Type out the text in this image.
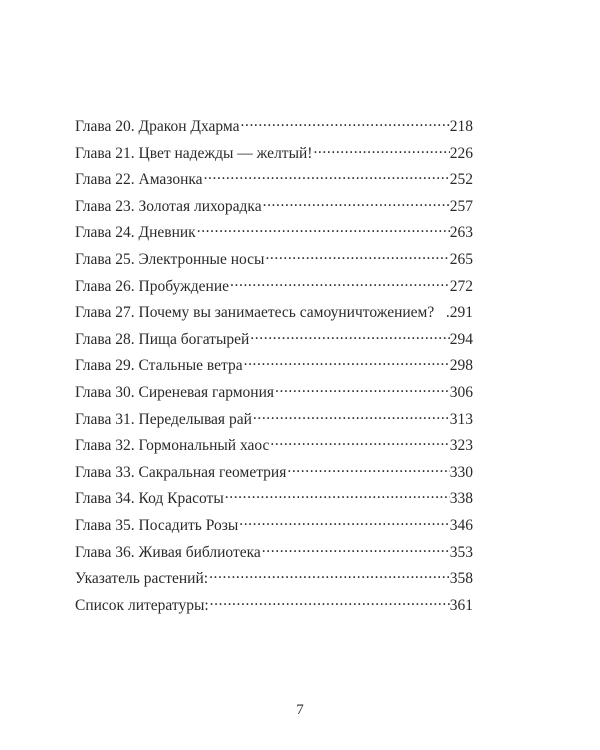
Глава 20. Дракон Дхарма .....	218
Глава 21. Цвет надежды — желтый! .....	226
Глава 22. Амазонка .....	252
Глава 23. Золотая лихорадка .....	257
Глава 24. Дневник .....	263
Глава 25. Электронные носы .....	265
Глава 26. Пробуждение .....	272
Глава 27. Почему вы занимаетесь самоуничтожением? .291
Глава 28. Пища богатырей .....	294
Глава 29. Стальные ветра .....	298
Глава 30. Сиреневая гармония .....	306
Глава 31. Переделывая рай .....	313
Глава 32. Гормональный хаос .....	323
Глава 33. Сакральная геометрия .....	330
Глава 34. Код Красоты .....	338
Глава 35. Посадить Розы .....	346
Глава 36. Живая библиотека .....	353
Указатель растений: .....	358
Список литературы: .....	361
7
